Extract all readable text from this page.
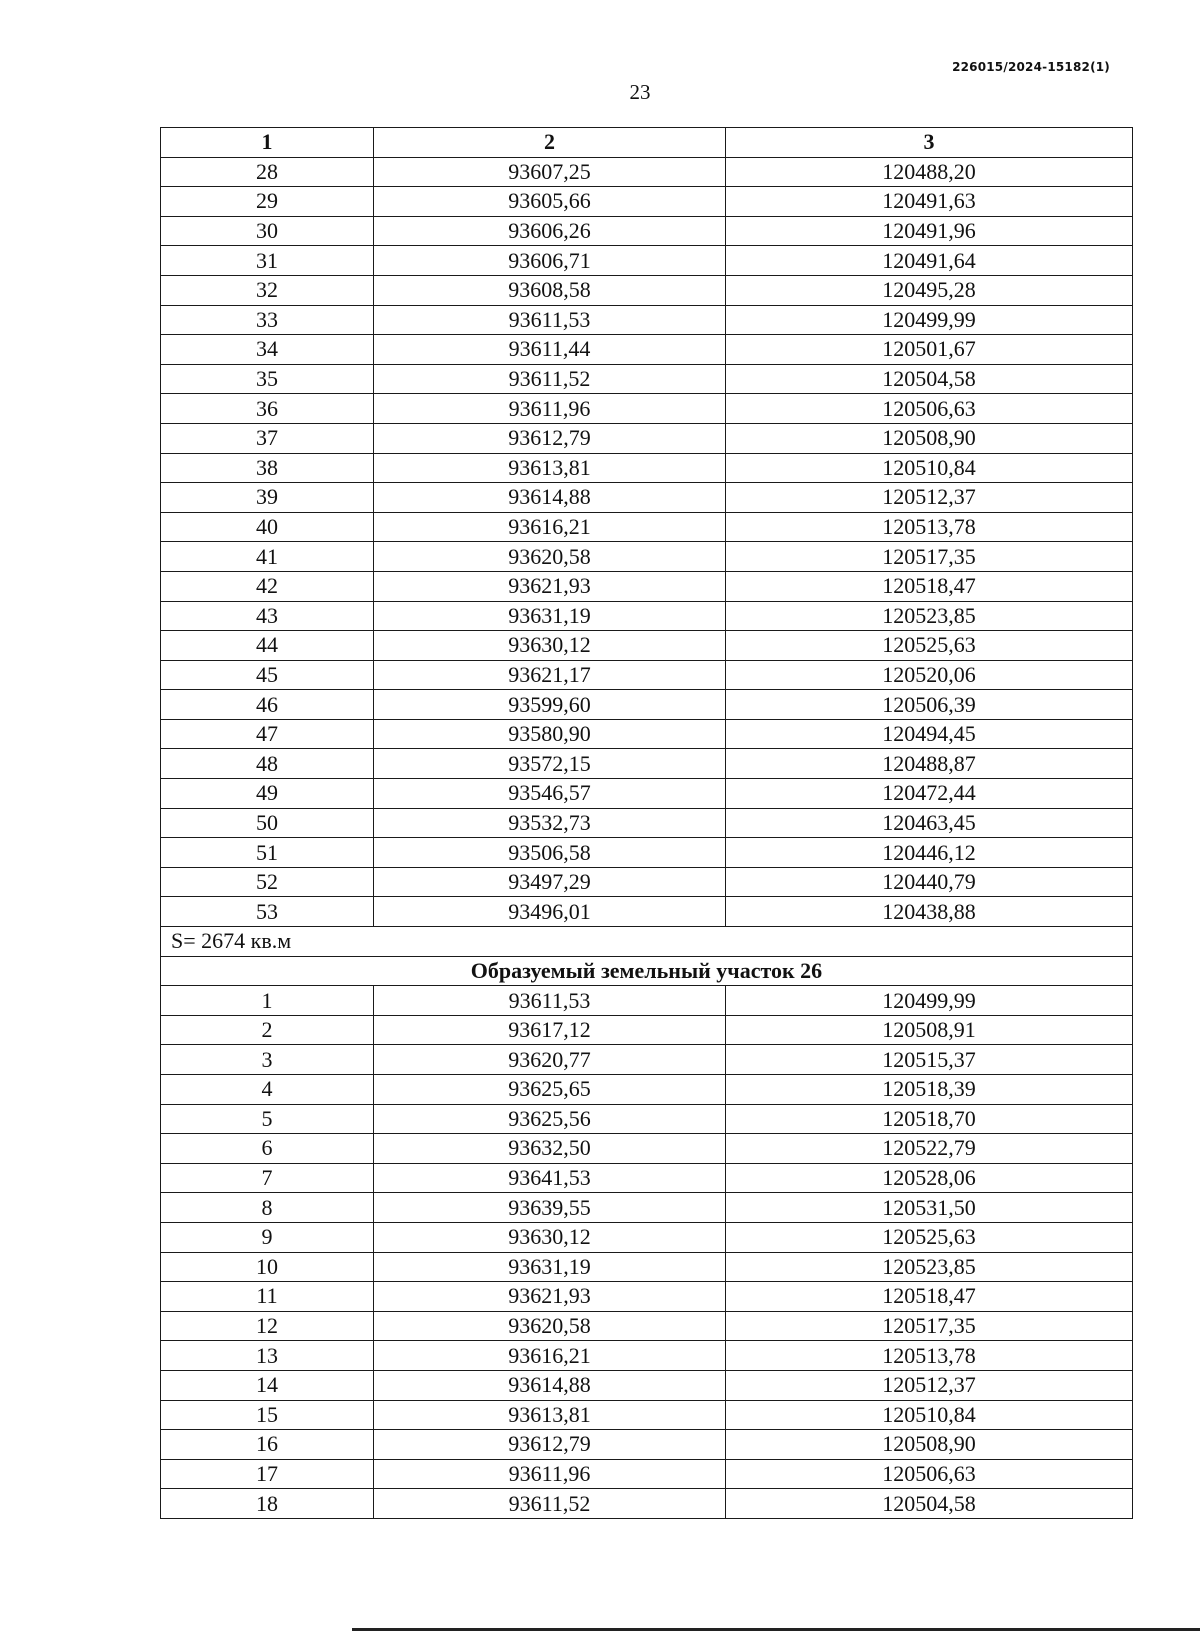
226015/2024-15182(1)
23
1	2	3
28	93607,25	120488,20
29	93605,66	120491,63
30	93606,26	120491,96
31	93606,71	120491,64
32	93608,58	120495,28
33	93611,53	120499,99
34	93611,44	120501,67
35	93611,52	120504,58
36	93611,96	120506,63
37	93612,79	120508,90
38	93613,81	120510,84
39	93614,88	120512,37
40	93616,21	120513,78
41	93620,58	120517,35
42	93621,93	120518,47
43	93631,19	120523,85
44	93630,12	120525,63
45	93621,17	120520,06
46	93599,60	120506,39
47	93580,90	120494,45
48	93572,15	120488,87
49	93546,57	120472,44
50	93532,73	120463,45
51	93506,58	120446,12
52	93497,29	120440,79
53	93496,01	120438,88
S= 2674 кв.м		
Образуемый земельный участок 26		
1	93611,53	120499,99
2	93617,12	120508,91
3	93620,77	120515,37
4	93625,65	120518,39
5	93625,56	120518,70
6	93632,50	120522,79
7	93641,53	120528,06
8	93639,55	120531,50
9	93630,12	120525,63
10	93631,19	120523,85
11	93621,93	120518,47
12	93620,58	120517,35
13	93616,21	120513,78
14	93614,88	120512,37
15	93613,81	120510,84
16	93612,79	120508,90
17	93611,96	120506,63
18	93611,52	120504,58
